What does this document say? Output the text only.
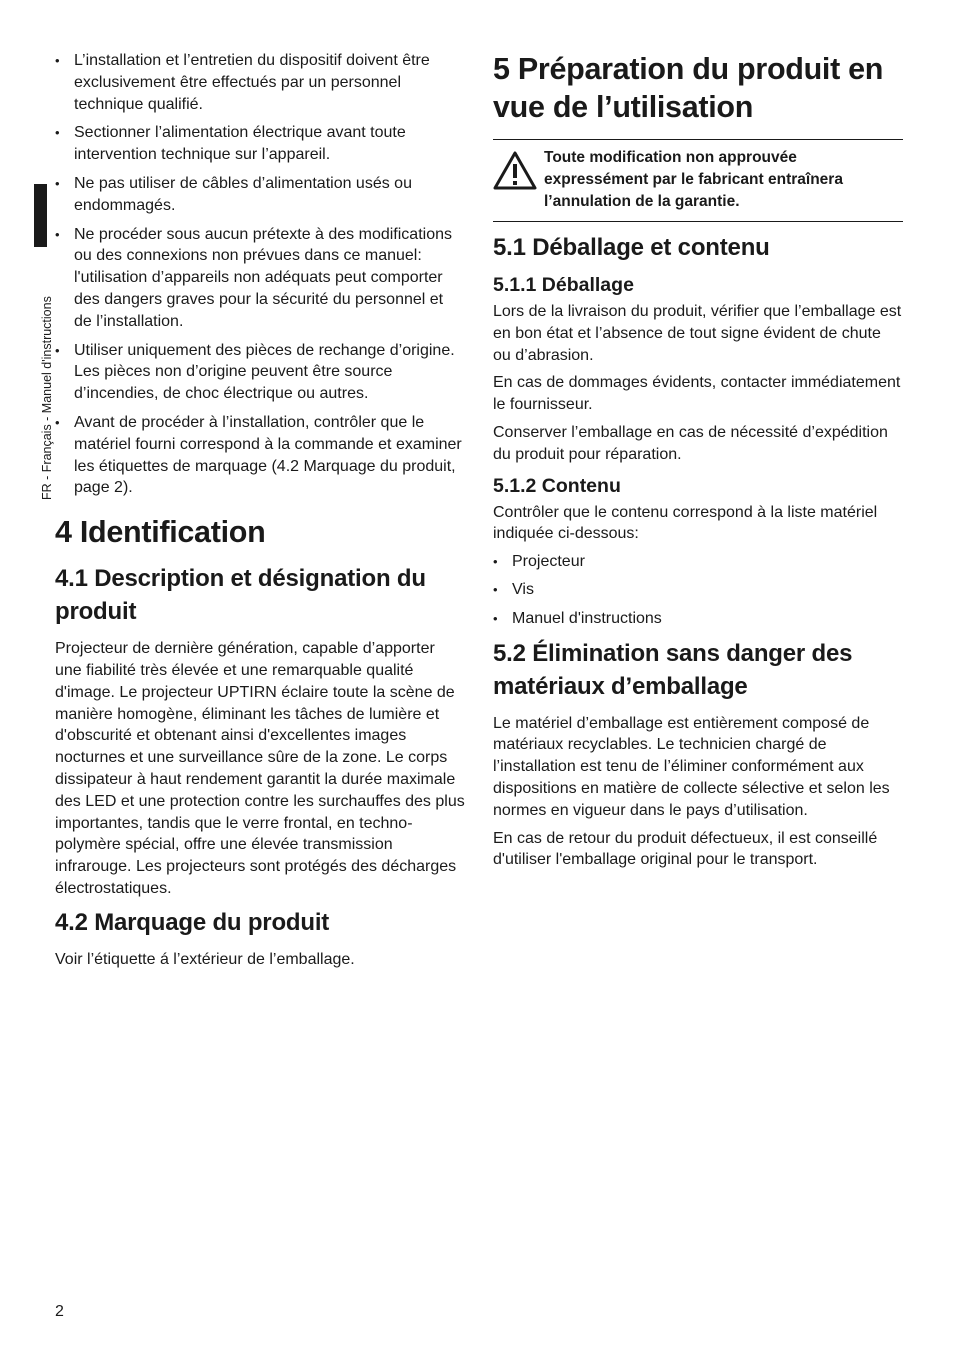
FR - Français - Manuel d'instructions
• L’installation et l’entretien du dispositif doivent être exclusivement être effectués par un personnel technique qualifié.
• Sectionner l’alimentation électrique avant toute intervention technique sur l’appareil.
• Ne pas utiliser de câbles d’alimentation usés ou endommagés.
• Ne procéder sous aucun prétexte à des modifications ou des connexions non prévues dans ce manuel: l'utilisation d’appareils non adéquats peut comporter des dangers graves pour la sécurité du personnel et de l’installation.
• Utiliser uniquement des pièces de rechange d’origine. Les pièces non d’origine peuvent être source d’incendies, de choc électrique ou autres.
• Avant de procéder à l’installation, contrôler que le matériel fourni correspond à la commande et examiner les étiquettes de marquage (4.2 Marquage du produit, page 2).
4 Identification
4.1 Description et désignation du produit

Projecteur de dernière génération, capable d’apporter une fiabilité très élevée et une remarquable qualité d'image. Le projecteur UPTIRN éclaire toute la scène de manière homogène, éliminant les tâches de lumière et d'obscurité et obtenant ainsi d'excellentes images nocturnes et une surveillance sûre de la zone. Le corps dissipateur à haut rendement garantit la durée maximale des LED et une protection contre les surchauffes des plus importantes, tandis que le verre frontal, en techno-polymère spécial, offre une élevée transmission infrarouge. Les projecteurs sont protégés des décharges électrostatiques.

4.2 Marquage du produit

Voir l’étiquette á l’extérieur de l’emballage.

5 Préparation du produit en vue de l’utilisation
Toute modification non approuvée expressément par le fabricant entraînera l’annulation de la garantie.
5.1 Déballage et contenu
5.1.1 Déballage

Lors de la livraison du produit, vérifier que l’emballage est en bon état et l’absence de tout signe évident de chute ou d’abrasion.

En cas de dommages évidents, contacter immédiatement le fournisseur.

Conserver l’emballage en cas de nécessité d’expédition du produit pour réparation.

5.1.2 Contenu

Contrôler que le contenu correspond à la liste matériel indiquée ci-dessous:

• Projecteur
• Vis
• Manuel d'instructions
5.2 Élimination sans danger des matériaux d’emballage

Le matériel d’emballage est entièrement composé de matériaux recyclables. Le technicien chargé de l’installation est tenu de l’éliminer conformément aux dispositions en matière de collecte sélective et selon les normes en vigueur dans le pays d’utilisation.

En cas de retour du produit défectueux, il est conseillé d'utiliser l'emballage original pour le transport.

2
